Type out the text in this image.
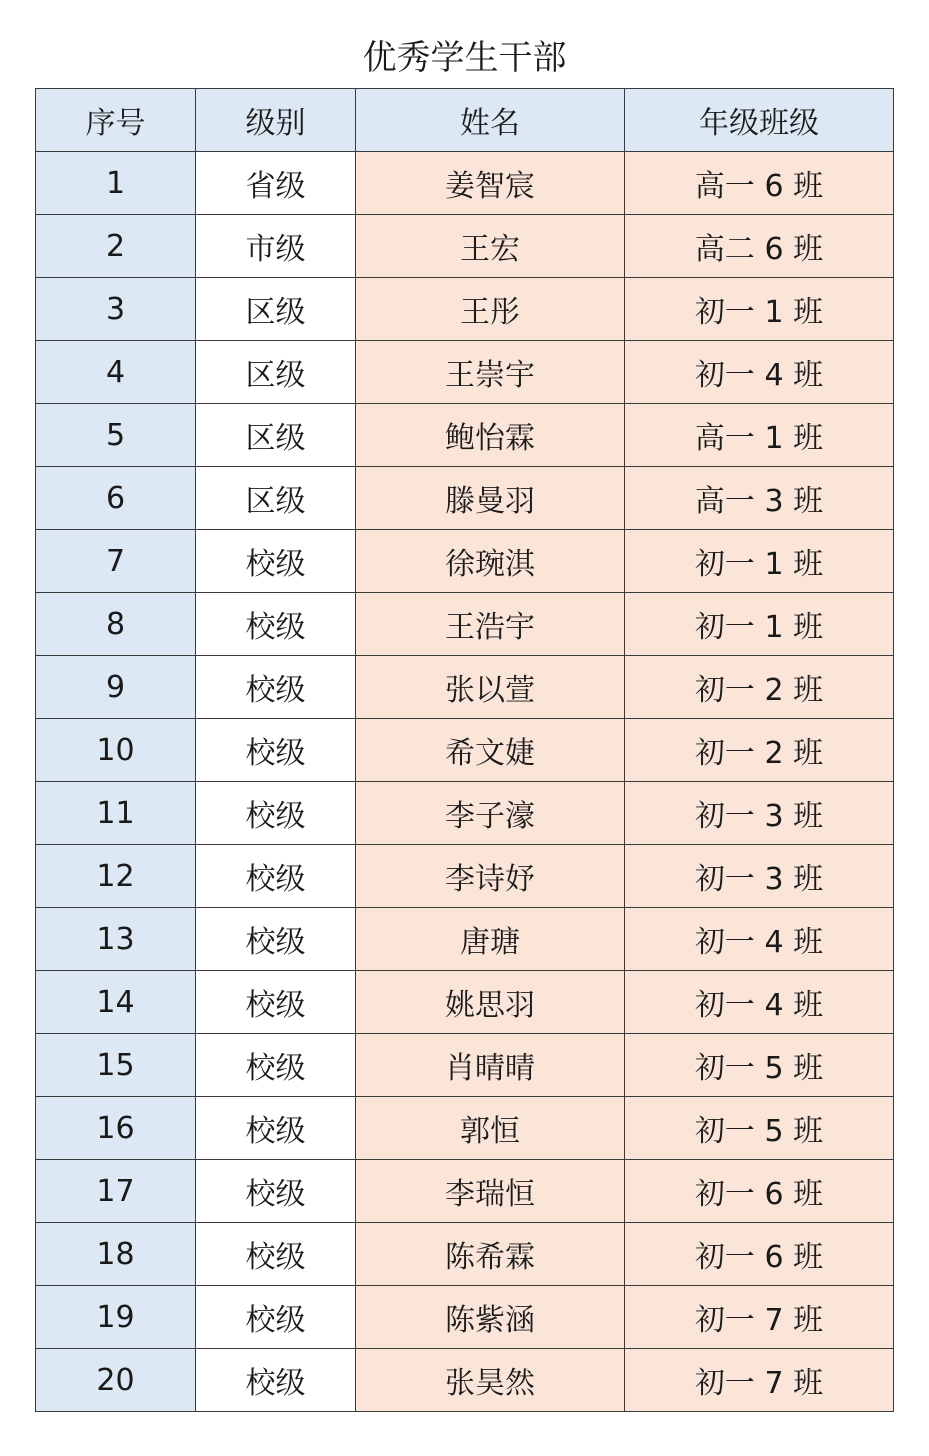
优秀学生干部
序号	级别	姓名	年级班级
1	省级	姜智宸	高一 6 班
2	市级	王宏	高二 6 班
3	区级	王彤	初一 1 班
4	区级	王崇宇	初一 4 班
5	区级	鲍怡霖	高一 1 班
6	区级	滕曼羽	高一 3 班
7	校级	徐琬淇	初一 1 班
8	校级	王浩宇	初一 1 班
9	校级	张以萱	初一 2 班
10	校级	希文婕	初一 2 班
11	校级	李子濠	初一 3 班
12	校级	李诗妤	初一 3 班
13	校级	唐瑭	初一 4 班
14	校级	姚思羽	初一 4 班
15	校级	肖晴晴	初一 5 班
16	校级	郭恒	初一 5 班
17	校级	李瑞恒	初一 6 班
18	校级	陈希霖	初一 6 班
19	校级	陈紫涵	初一 7 班
20	校级	张昊然	初一 7 班
